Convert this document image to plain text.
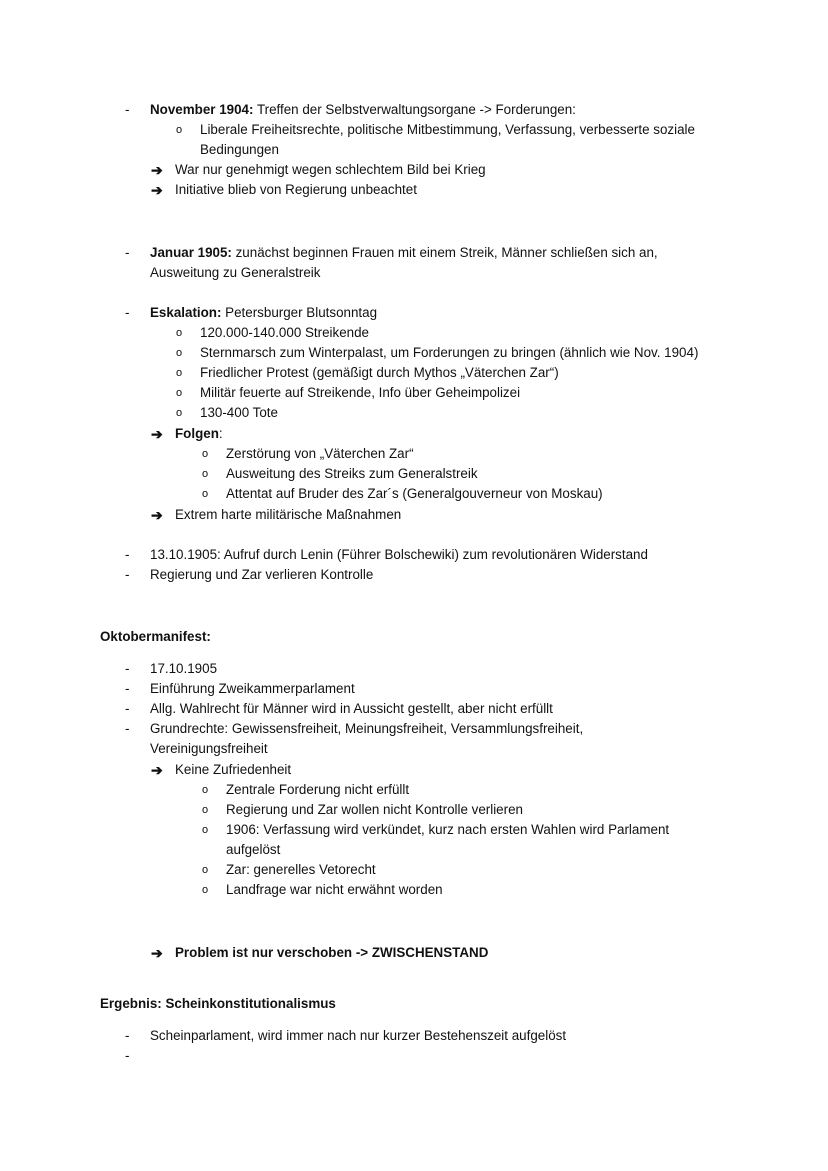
- November 1904: Treffen der Selbstverwaltungsorgane -> Forderungen:
o Liberale Freiheitsrechte, politische Mitbestimmung, Verfassung, verbesserte soziale
Bedingungen
➔ War nur genehmigt wegen schlechtem Bild bei Krieg
➔ Initiative blieb von Regierung unbeachtet
- Januar 1905: zunächst beginnen Frauen mit einem Streik, Männer schließen sich an,
Ausweitung zu Generalstreik
- Eskalation: Petersburger Blutsonntag
o 120.000-140.000 Streikende
o Sternmarsch zum Winterpalast, um Forderungen zu bringen (ähnlich wie Nov. 1904)
o Friedlicher Protest (gemäßigt durch Mythos „Väterchen Zar“)
o Militär feuerte auf Streikende, Info über Geheimpolizei
o 130-400 Tote
➔ Folgen:
o Zerstörung von „Väterchen Zar“
o Ausweitung des Streiks zum Generalstreik
o Attentat auf Bruder des Zar´s (Generalgouverneur von Moskau)
➔ Extrem harte militärische Maßnahmen
- 13.10.1905: Aufruf durch Lenin (Führer Bolschewiki) zum revolutionären Widerstand
- Regierung und Zar verlieren Kontrolle
Oktobermanifest:
- 17.10.1905
- Einführung Zweikammerparlament
- Allg. Wahlrecht für Männer wird in Aussicht gestellt, aber nicht erfüllt
- Grundrechte: Gewissensfreiheit, Meinungsfreiheit, Versammlungsfreiheit,
Vereinigungsfreiheit
➔ Keine Zufriedenheit
o Zentrale Forderung nicht erfüllt
o Regierung und Zar wollen nicht Kontrolle verlieren
o 1906: Verfassung wird verkündet, kurz nach ersten Wahlen wird Parlament
aufgelöst
o Zar: generelles Vetorecht
o Landfrage war nicht erwähnt worden
➔ Problem ist nur verschoben -> ZWISCHENSTAND
Ergebnis: Scheinkonstitutionalismus
- Scheinparlament, wird immer nach nur kurzer Bestehenszeit aufgelöst
-
